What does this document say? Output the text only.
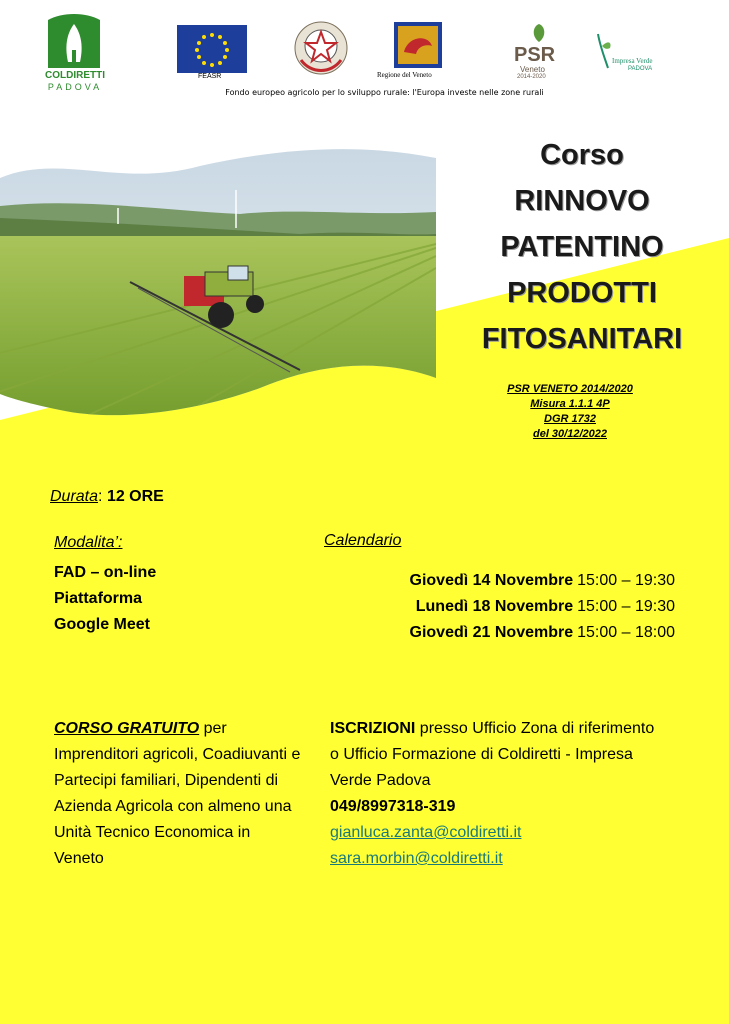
COLDIRETTI
PADOVA
FEASR	Regione del Veneto
PSR
Veneto
2014-2020
Impresa Verde
PADOVA
Fondo europeo agricolo per lo sviluppo rurale: l'Europa investe nelle zone rurali
Corso
RINNOVO
PATENTINO
PRODOTTI
FITOSANITARI
PSR VENETO 2014/2020
Misura 1.1.1 4P
DGR 1732
del 30/12/2022
Durata: 12 ORE
Modalita’:
FAD – on-line
Piattaforma
Google Meet
Calendario
Giovedì 14 Novembre 15:00 – 19:30
Lunedì 18 Novembre 15:00 – 19:30
Giovedì 21 Novembre 15:00 – 18:00
CORSO GRATUITO per Imprenditori agricoli, Coadiuvanti e Partecipi familiari, Dipendenti di Azienda Agricola con almeno una Unità Tecnico Economica in Veneto
ISCRIZIONI presso Ufficio Zona di riferimento o Ufficio Formazione di Coldiretti - Impresa Verde Padova
049/8997318-319
gianluca.zanta@coldiretti.it
sara.morbin@coldiretti.it
